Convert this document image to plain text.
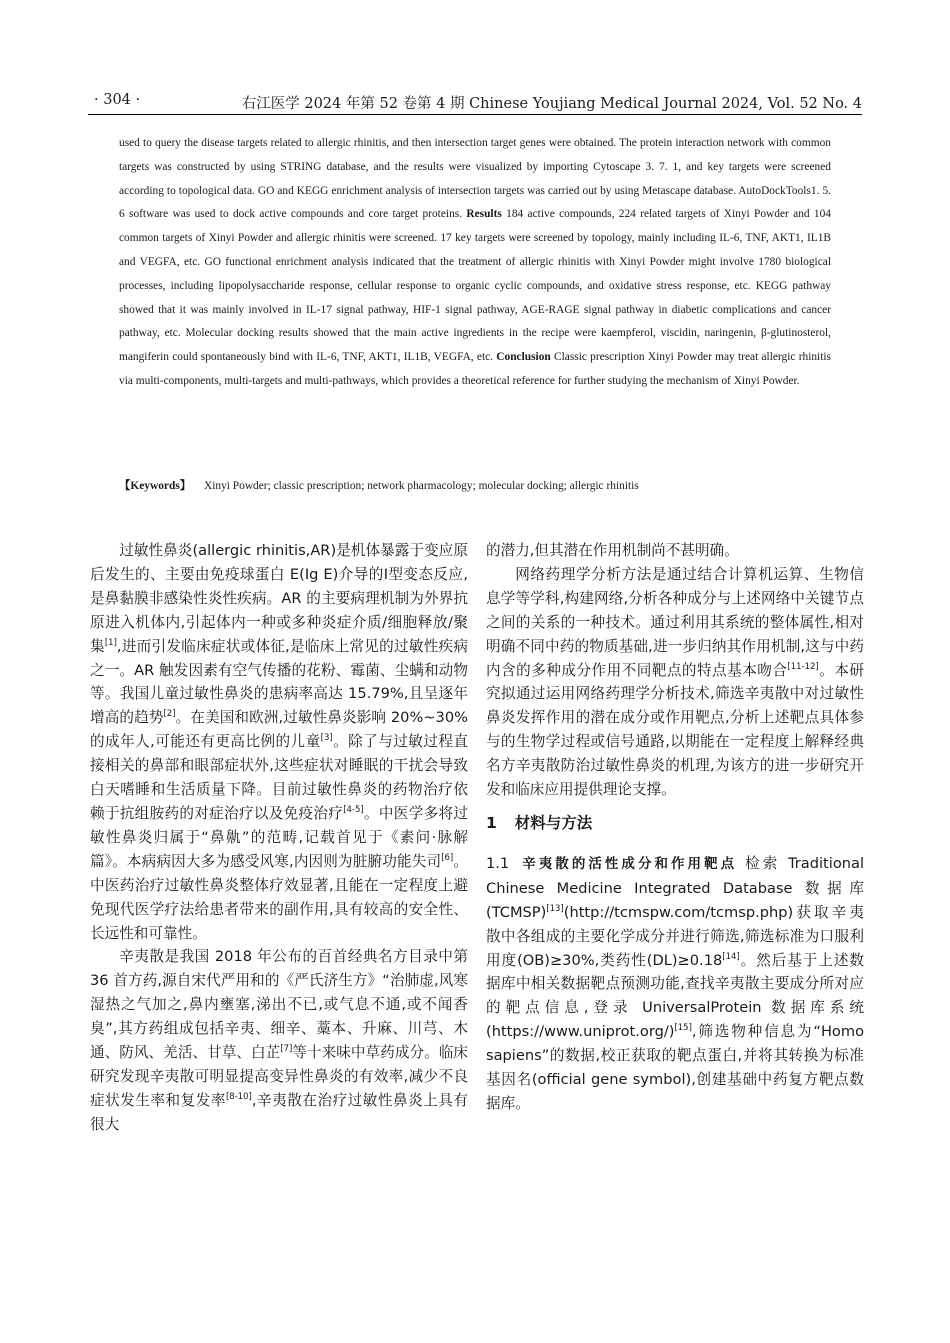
· 304 ·	右江医学 2024 年第 52 卷第 4 期 Chinese Youjiang Medical Journal 2024, Vol. 52 No. 4
used to query the disease targets related to allergic rhinitis, and then intersection target genes were obtained. The protein interaction network with common targets was constructed by using STRING database, and the results were visualized by importing Cytoscape 3. 7. 1, and key targets were screened according to topological data. GO and KEGG enrichment analysis of intersection targets was carried out by using Metascape database. AutoDockTools1. 5. 6 software was used to dock active compounds and core target proteins. Results 184 active compounds, 224 related targets of Xinyi Powder and 104 common targets of Xinyi Powder and allergic rhinitis were screened. 17 key targets were screened by topology, mainly including IL-6, TNF, AKT1, IL1B and VEGFA, etc. GO functional enrichment analysis indicated that the treatment of allergic rhinitis with Xinyi Powder might involve 1780 biological processes, including lipopolysaccharide response, cellular response to organic cyclic compounds, and oxidative stress response, etc. KEGG pathway showed that it was mainly involved in IL-17 signal pathway, HIF-1 signal pathway, AGE-RAGE signal pathway in diabetic complications and cancer pathway, etc. Molecular docking results showed that the main active ingredients in the recipe were kaempferol, viscidin, naringenin, β-glutinosterol, mangiferin could spontaneously bind with IL-6, TNF, AKT1, IL1B, VEGFA, etc. Conclusion Classic prescription Xinyi Powder may treat allergic rhinitis via multi-components, multi-targets and multi-pathways, which provides a theoretical reference for further studying the mechanism of Xinyi Powder.
【Keywords】 Xinyi Powder; classic prescription; network pharmacology; molecular docking; allergic rhinitis

过敏性鼻炎(allergic rhinitis,AR)是机体暴露于变应原后发生的、主要由免疫球蛋白 E(Ig E)介导的Ⅰ型变态反应,是鼻黏膜非感染性炎性疾病。AR 的主要病理机制为外界抗原进入机体内,引起体内一种或多种炎症介质/细胞释放/聚集[1],进而引发临床症状或体征,是临床上常见的过敏性疾病之一。AR 触发因素有空气传播的花粉、霉菌、尘螨和动物等。我国儿童过敏性鼻炎的患病率高达 15.79%,且呈逐年增高的趋势[2]。在美国和欧洲,过敏性鼻炎影响 20%~30% 的成年人,可能还有更高比例的儿童[3]。除了与过敏过程直接相关的鼻部和眼部症状外,这些症状对睡眠的干扰会导致白天嗜睡和生活质量下降。目前过敏性鼻炎的药物治疗依赖于抗组胺药的对症治疗以及免疫治疗[4-5]。中医学多将过敏性鼻炎归属于“鼻鼽”的范畴,记载首见于《素问·脉解篇》。本病病因大多为感受风寒,内因则为脏腑功能失司[6]。中医药治疗过敏性鼻炎整体疗效显著,且能在一定程度上避免现代医学疗法给患者带来的副作用,具有较高的安全性、长远性和可靠性。

辛夷散是我国 2018 年公布的百首经典名方目录中第 36 首方药,源自宋代严用和的《严氏济生方》“治肺虚,风寒湿热之气加之,鼻内壅塞,涕出不已,或气息不通,或不闻香臭”,其方药组成包括辛夷、细辛、藁本、升麻、川芎、木通、防风、羌活、甘草、白芷[7]等十来味中草药成分。临床研究发现辛夷散可明显提高变异性鼻炎的有效率,减少不良症状发生率和复发率[8-10],辛夷散在治疗过敏性鼻炎上具有很大

的潜力,但其潜在作用机制尚不甚明确。

网络药理学分析方法是通过结合计算机运算、生物信息学等学科,构建网络,分析各种成分与上述网络中关键节点之间的关系的一种技术。通过利用其系统的整体属性,相对明确不同中药的物质基础,进一步归纳其作用机制,这与中药内含的多种成分作用不同靶点的特点基本吻合[11-12]。本研究拟通过运用网络药理学分析技术,筛选辛夷散中对过敏性鼻炎发挥作用的潜在成分或作用靶点,分析上述靶点具体参与的生物学过程或信号通路,以期能在一定程度上解释经典名方辛夷散防治过敏性鼻炎的机理,为该方的进一步研究开发和临床应用提供理论支撑。

1 材料与方法

1.1 辛夷散的活性成分和作用靶点 检索 Traditional Chinese Medicine Integrated Database 数据库(TCMSP)[13](http://tcmspw.com/tcmsp.php)获取辛夷散中各组成的主要化学成分并进行筛选,筛选标准为口服利用度(OB)≥30%,类药性(DL)≥0.18[14]。然后基于上述数据库中相关数据靶点预测功能,查找辛夷散主要成分所对应的靶点信息,登录 UniversalProtein 数据库系统(https://www.uniprot.org/)[15],筛选物种信息为“Homo sapiens”的数据,校正获取的靶点蛋白,并将其转换为标准基因名(official gene symbol),创建基础中药复方靶点数据库。
